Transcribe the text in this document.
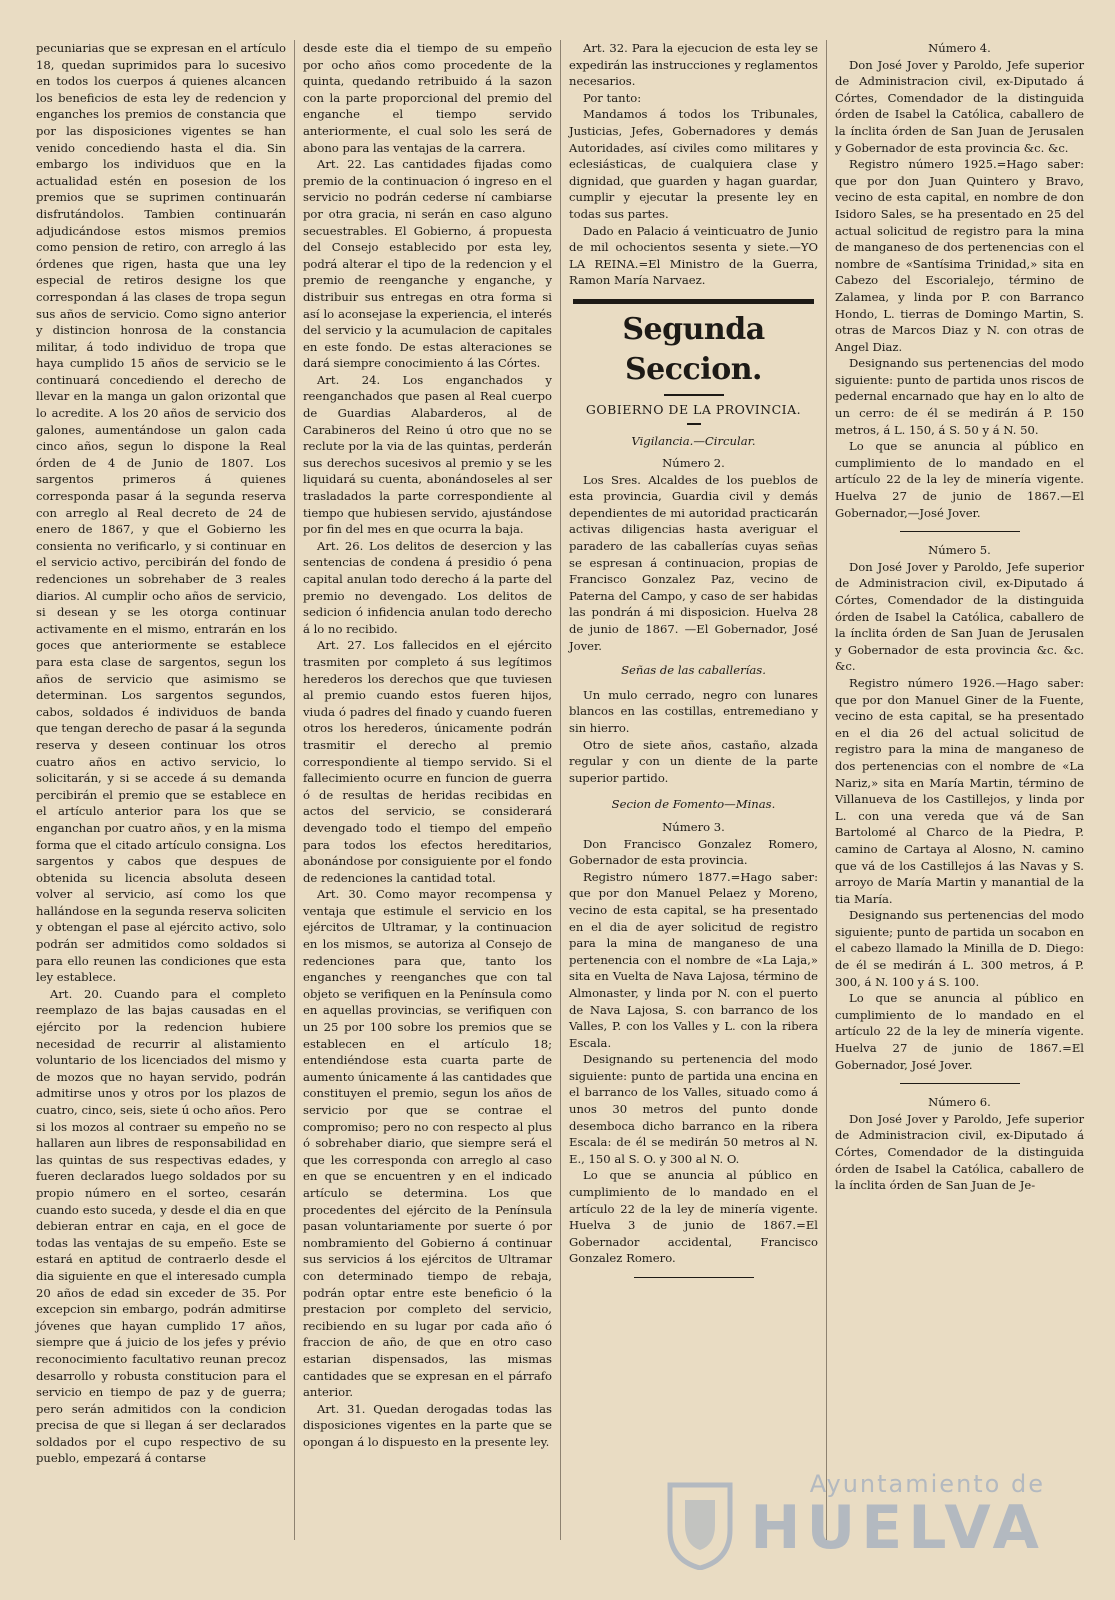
pecuniarias que se expresan en el artículo 18, quedan suprimidos para lo sucesivo en todos los cuerpos á quienes alcancen los beneficios de esta ley de redencion y enganches los premios de constancia que por las disposiciones vigentes se han venido concediendo hasta el dia. Sin embargo los individuos que en la actualidad estén en posesion de los premios que se suprimen continuarán disfrutándolos. Tambien continuarán adjudicándose estos mismos premios como pension de retiro, con arreglo á las órdenes que rigen, hasta que una ley especial de retiros designe los que correspondan á las clases de tropa segun sus años de servicio. Como signo anterior y distincion honrosa de la constancia militar, á todo individuo de tropa que haya cumplido 15 años de servicio se le continuará concediendo el derecho de llevar en la manga un galon orizontal que lo acredite. A los 20 años de servicio dos galones, aumentándose un galon cada cinco años, segun lo dispone la Real órden de 4 de Junio de 1807. Los sargentos primeros á quienes corresponda pasar á la segunda reserva con arreglo al Real decreto de 24 de enero de 1867, y que el Gobierno les consienta no verificarlo, y si continuar en el servicio activo, percibirán del fondo de redenciones un sobrehaber de 3 reales diarios. Al cumplir ocho años de servicio, si desean y se les otorga continuar activamente en el mismo, entrarán en los goces que anteriormente se establece para esta clase de sargentos, segun los años de servicio que asimismo se determinan. Los sargentos segundos, cabos, soldados é individuos de banda que tengan derecho de pasar á la segunda reserva y deseen continuar los otros cuatro años en activo servicio, lo solicitarán, y si se accede á su demanda percibirán el premio que se establece en el artículo anterior para los que se enganchan por cuatro años, y en la misma forma que el citado artículo consigna. Los sargentos y cabos que despues de obtenida su licencia absoluta deseen volver al servicio, así como los que hallándose en la segunda reserva soliciten y obtengan el pase al ejército activo, solo podrán ser admitidos como soldados si para ello reunen las condiciones que esta ley establece.

Art. 20. Cuando para el completo reemplazo de las bajas causadas en el ejército por la redencion hubiere necesidad de recurrir al alistamiento voluntario de los licenciados del mismo y de mozos que no hayan servido, podrán admitirse unos y otros por los plazos de cuatro, cinco, seis, siete ú ocho años. Pero si los mozos al contraer su empeño no se hallaren aun libres de responsabilidad en las quintas de sus respectivas edades, y fueren declarados luego soldados por su propio número en el sorteo, cesarán cuando esto suceda, y desde el dia en que debieran entrar en caja, en el goce de todas las ventajas de su empeño. Este se estará en aptitud de contraerlo desde el dia siguiente en que el interesado cumpla 20 años de edad sin exceder de 35. Por excepcion sin embargo, podrán admitirse jóvenes que hayan cumplido 17 años, siempre que á juicio de los jefes y prévio reconocimiento facultativo reunan precoz desarrollo y robusta constitucion para el servicio en tiempo de paz y de guerra; pero serán admitidos con la condicion precisa de que si llegan á ser declarados soldados por el cupo respectivo de su pueblo, empezará á contarse

desde este dia el tiempo de su empeño por ocho años como procedente de la quinta, quedando retribuido á la sazon con la parte proporcional del premio del enganche el tiempo servido anteriormente, el cual solo les será de abono para las ventajas de la carrera.

Art. 22. Las cantidades fijadas como premio de la continuacion ó ingreso en el servicio no podrán cederse ní cambiarse por otra gracia, ni serán en caso alguno secuestrables. El Gobierno, á propuesta del Consejo establecido por esta ley, podrá alterar el tipo de la redencion y el premio de reenganche y enganche, y distribuir sus entregas en otra forma si así lo aconsejase la experiencia, el interés del servicio y la acumulacion de capitales en este fondo. De estas alteraciones se dará siempre conocimiento á las Córtes.

Art. 24. Los enganchados y reenganchados que pasen al Real cuerpo de Guardias Alabarderos, al de Carabineros del Reino ú otro que no se reclute por la via de las quintas, perderán sus derechos sucesivos al premio y se les liquidará su cuenta, abonándoseles al ser trasladados la parte correspondiente al tiempo que hubiesen servido, ajustándose por fin del mes en que ocurra la baja.

Art. 26. Los delitos de desercion y las sentencias de condena á presidio ó pena capital anulan todo derecho á la parte del premio no devengado. Los delitos de sedicion ó infidencia anulan todo derecho á lo no recibido.

Art. 27. Los fallecidos en el ejército trasmiten por completo á sus legítimos herederos los derechos que que tuviesen al premio cuando estos fueren hijos, viuda ó padres del finado y cuando fueren otros los herederos, únicamente podrán trasmitir el derecho al premio correspondiente al tiempo servido. Si el fallecimiento ocurre en funcion de guerra ó de resultas de heridas recibidas en actos del servicio, se considerará devengado todo el tiempo del empeño para todos los efectos hereditarios, abonándose por consiguiente por el fondo de redenciones la cantidad total.

Art. 30. Como mayor recompensa y ventaja que estimule el servicio en los ejércitos de Ultramar, y la continuacion en los mismos, se autoriza al Consejo de redenciones para que, tanto los enganches y reenganches que con tal objeto se verifiquen en la Península como en aquellas provincias, se verifiquen con un 25 por 100 sobre los premios que se establecen en el artículo 18; entendiéndose esta cuarta parte de aumento únicamente á las cantidades que constituyen el premio, segun los años de servicio por que se contrae el compromiso; pero no con respecto al plus ó sobrehaber diario, que siempre será el que les corresponda con arreglo al caso en que se encuentren y en el indicado artículo se determina. Los que procedentes del ejército de la Península pasan voluntariamente por suerte ó por nombramiento del Gobierno á continuar sus servicios á los ejércitos de Ultramar con determinado tiempo de rebaja, podrán optar entre este beneficio ó la prestacion por completo del servicio, recibiendo en su lugar por cada año ó fraccion de año, de que en otro caso estarian dispensados, las mismas cantidades que se expresan en el párrafo anterior.

Art. 31. Quedan derogadas todas las disposiciones vigentes en la parte que se opongan á lo dispuesto en la presente ley.

Art. 32. Para la ejecucion de esta ley se expedirán las instrucciones y reglamentos necesarios.

Por tanto:

Mandamos á todos los Tribunales, Justicias, Jefes, Gobernadores y demás Autoridades, así civiles como militares y eclesiásticas, de cualquiera clase y dignidad, que guarden y hagan guardar, cumplir y ejecutar la presente ley en todas sus partes.

Dado en Palacio á veinticuatro de Junio de mil ochocientos sesenta y siete.—YO LA REINA.=El Ministro de la Guerra, Ramon María Narvaez.

Segunda Seccion.

GOBIERNO DE LA PROVINCIA.

Vigilancia.—Circular.

Número 2.

Los Sres. Alcaldes de los pueblos de esta provincia, Guardia civil y demás dependientes de mi autoridad practicarán activas diligencias hasta averiguar el paradero de las caballerías cuyas señas se espresan á continuacion, propias de Francisco Gonzalez Paz, vecino de Paterna del Campo, y caso de ser habidas las pondrán á mi disposicion. Huelva 28 de junio de 1867. —El Gobernador, José Jover.

Señas de las caballerías.

Un mulo cerrado, negro con lunares blancos en las costillas, entremediano y sin hierro.

Otro de siete años, castaño, alzada regular y con un diente de la parte superior partido.

Secion de Fomento—Minas.

Número 3.

Don Francisco Gonzalez Romero, Gobernador de esta provincia.

Registro número 1877.=Hago saber: que por don Manuel Pelaez y Moreno, vecino de esta capital, se ha presentado en el dia de ayer solicitud de registro para la mina de manganeso de una pertenencia con el nombre de «La Laja,» sita en Vuelta de Nava Lajosa, término de Almonaster, y linda por N. con el puerto de Nava Lajosa, S. con barranco de los Valles, P. con los Valles y L. con la ribera Escala.

Designando su pertenencia del modo siguiente: punto de partida una encina en el barranco de los Valles, situado como á unos 30 metros del punto donde desemboca dicho barranco en la ribera Escala: de él se medirán 50 metros al N. E., 150 al S. O. y 300 al N. O.

Lo que se anuncia al público en cumplimiento de lo mandado en el artículo 22 de la ley de minería vigente. Huelva 3 de junio de 1867.=El Gobernador accidental, Francisco Gonzalez Romero.

Número 4.

Don José Jover y Paroldo, Jefe superior de Administracion civil, ex-Diputado á Córtes, Comendador de la distinguida órden de Isabel la Católica, caballero de la ínclita órden de San Juan de Jerusalen y Gobernador de esta provincia &c. &c.

Registro número 1925.=Hago saber: que por don Juan Quintero y Bravo, vecino de esta capital, en nombre de don Isidoro Sales, se ha presentado en 25 del actual solicitud de registro para la mina de manganeso de dos pertenencias con el nombre de «Santísima Trinidad,» sita en Cabezo del Escorialejo, término de Zalamea, y linda por P. con Barranco Hondo, L. tierras de Domingo Martin, S. otras de Marcos Diaz y N. con otras de Angel Diaz.

Designando sus pertenencias del modo siguiente: punto de partida unos riscos de pedernal encarnado que hay en lo alto de un cerro: de él se medirán á P. 150 metros, á L. 150, á S. 50 y á N. 50.

Lo que se anuncia al público en cumplimiento de lo mandado en el artículo 22 de la ley de minería vigente. Huelva 27 de junio de 1867.—El Gobernador,—José Jover.

Número 5.

Don José Jover y Paroldo, Jefe superior de Administracion civil, ex-Diputado á Córtes, Comendador de la distinguida órden de Isabel la Católica, caballero de la ínclita órden de San Juan de Jerusalen y Gobernador de esta provincia &c. &c. &c.

Registro número 1926.—Hago saber: que por don Manuel Giner de la Fuente, vecino de esta capital, se ha presentado en el dia 26 del actual solicitud de registro para la mina de manganeso de dos pertenencias con el nombre de «La Nariz,» sita en María Martin, término de Villanueva de los Castillejos, y linda por L. con una vereda que vá de San Bartolomé al Charco de la Piedra, P. camino de Cartaya al Alosno, N. camino que vá de los Castillejos á las Navas y S. arroyo de María Martin y manantial de la tia María.

Designando sus pertenencias del modo siguiente; punto de partida un socabon en el cabezo llamado la Minilla de D. Diego: de él se medirán á L. 300 metros, á P. 300, á N. 100 y á S. 100.

Lo que se anuncia al público en cumplimiento de lo mandado en el artículo 22 de la ley de minería vigente. Huelva 27 de junio de 1867.=El Gobernador, José Jover.

Número 6.

Don José Jover y Paroldo, Jefe superior de Administracion civil, ex-Diputado á Córtes, Comendador de la distinguida órden de Isabel la Católica, caballero de la ínclita órden de San Juan de Je-

Ayuntamiento de
HUELVA
